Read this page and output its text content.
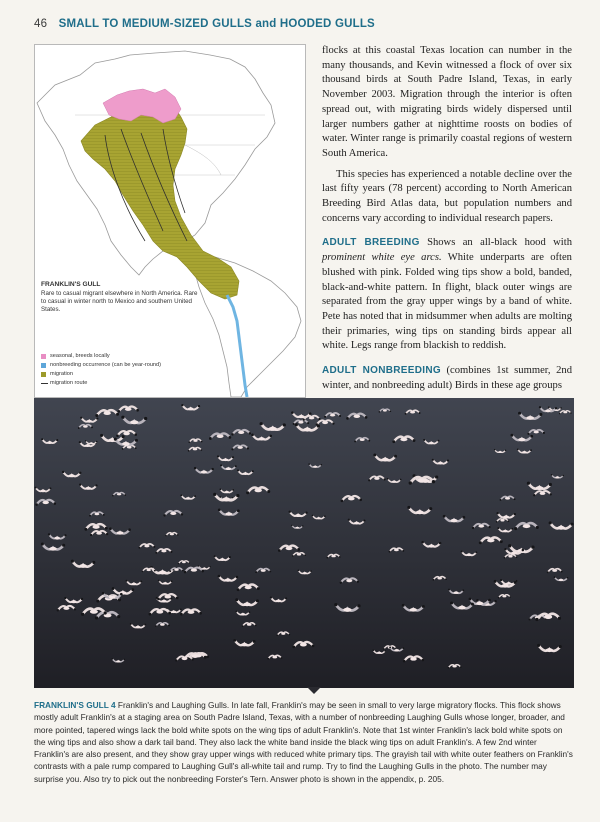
46 SMALL TO MEDIUM-SIZED GULLS and HOODED GULLS
FRANKLIN'S GULL
Rare to casual migrant elsewhere in North America. Rare to casual in winter north to Mexico and southern United States.
seasonal, breeds locally
nonbreeding occurrence (can be year-round)
migration
migration route

flocks at this coastal Texas location can number in the many thousands, and Kevin witnessed a flock of over six thousand birds at South Padre Island, Texas, in early November 2003. Migration through the interior is often spread out, with migrating birds widely dispersed until larger numbers gather at nighttime roosts on bodies of water. Winter range is primarily coastal regions of western South America.

This species has experienced a notable decline over the last fifty years (78 percent) according to North American Breeding Bird Atlas data, but population numbers and concerns vary according to individual research papers.

ADULT BREEDING Shows an all-black hood with prominent white eye arcs. White underparts are often blushed with pink. Folded wing tips show a bold, banded, black-and-white pattern. In flight, black outer wings are separated from the gray upper wings by a band of white. Pete has noted that in midsummer when adults are molting their primaries, wing tips on standing birds appear all white. Legs range from blackish to reddish.

ADULT NONBREEDING (combines 1st summer, 2nd winter, and nonbreeding adult) Birds in these age groups

FRANKLIN'S GULL 4 Franklin's and Laughing Gulls. In late fall, Franklin's may be seen in small to very large migratory flocks. This flock shows mostly adult Franklin's at a staging area on South Padre Island, Texas, with a number of nonbreeding Laughing Gulls whose longer, broader, and more pointed, tapered wings lack the bold white spots on the wing tips of adult Franklin's. Note that 1st winter Franklin's lack bold white spots on the wing tips and also show a dark tail band. They also lack the white band inside the black wing tips on adult Franklin's. A few 2nd winter Franklin's are also present, and they show gray upper wings with reduced white primary tips. The grayish tail with white outer feathers on Franklin's contrasts with a pale rump compared to Laughing Gull's all-white tail and rump. Try to find the Laughing Gulls in the photo. The number may surprise you. Also try to pick out the nonbreeding Forster's Tern. Answer photo is shown in the appendix, p. 205.
